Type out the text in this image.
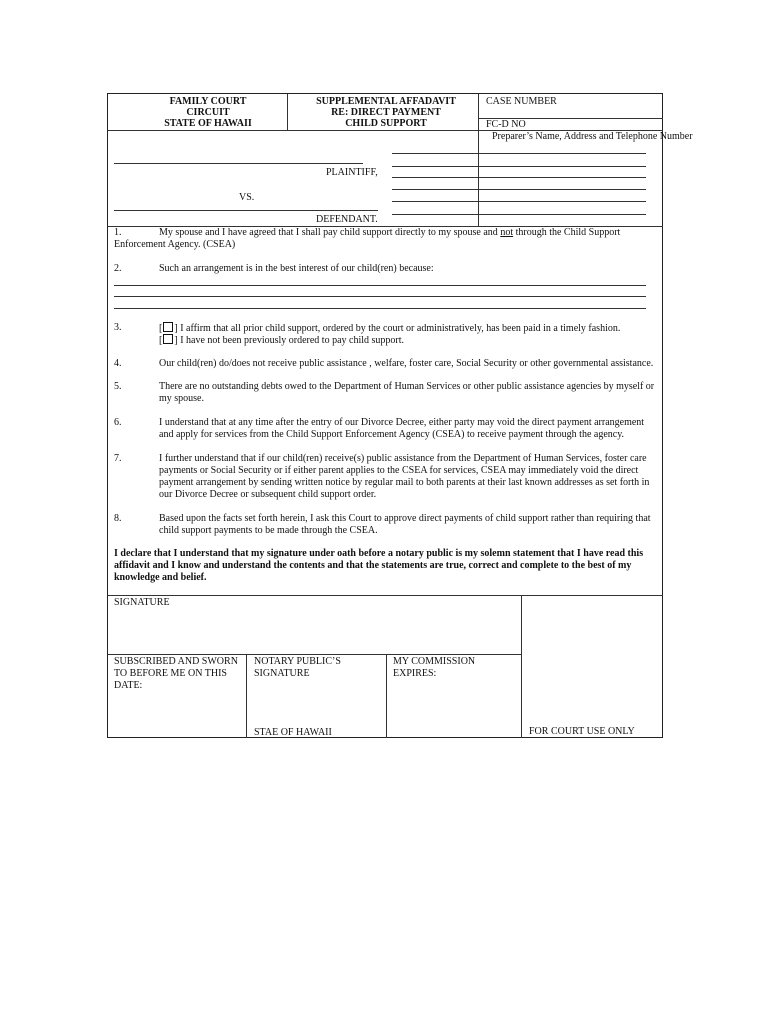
FAMILY COURT
CIRCUIT
STATE OF HAWAII
SUPPLEMENTAL AFFADAVIT
RE: DIRECT PAYMENT
CHILD SUPPORT
CASE NUMBER
FC-D NO
Preparer’s Name, Address and Telephone Number
PLAINTIFF,
VS.
DEFENDANT.
1.	My spouse and I have agreed that I shall pay child support directly to my spouse and not through the Child Support
Enforcement Agency. (CSEA)
2.	Such an arrangement is in the best interest of our child(ren) because:
3.	[ ] I affirm that all prior child support, ordered by the court or administratively, has been paid in a timely fashion.
[ ] I have not been previously ordered to pay child support.
4.	Our child(ren) do/does not receive public assistance , welfare, foster care, Social Security or other governmental assistance.
5.	There are no outstanding debts owed to the Department of Human Services or other public assistance agencies by myself or my spouse.
6.	I understand that at any time after the entry of our Divorce Decree, either party may void the direct payment arrangement and apply for services from the Child Support Enforcement Agency (CSEA) to receive payment through the agency.
7.	I further understand that if our child(ren) receive(s) public assistance from the Department of Human Services, foster care payments or Social Security or if either parent applies to the CSEA for services, CSEA may immediately void the direct payment arrangement by sending written notice by regular mail to both parents at their last known addresses as set forth in our Divorce Decree or subsequent child support order.
8.	Based upon the facts set forth herein, I ask this Court to approve direct payments of child support rather than requiring that child support payments to be made through the CSEA.
I declare that I understand that my signature under oath before a notary public is my solemn statement that I have read this affidavit and I know and understand the contents and that the statements are true, correct and complete to the best of my knowledge and belief.
SIGNATURE
SUBSCRIBED AND SWORN TO BEFORE ME ON THIS DATE:
NOTARY PUBLIC’S SIGNATURE
MY COMMISSION EXPIRES:
STAE OF HAWAII	FOR COURT USE ONLY
